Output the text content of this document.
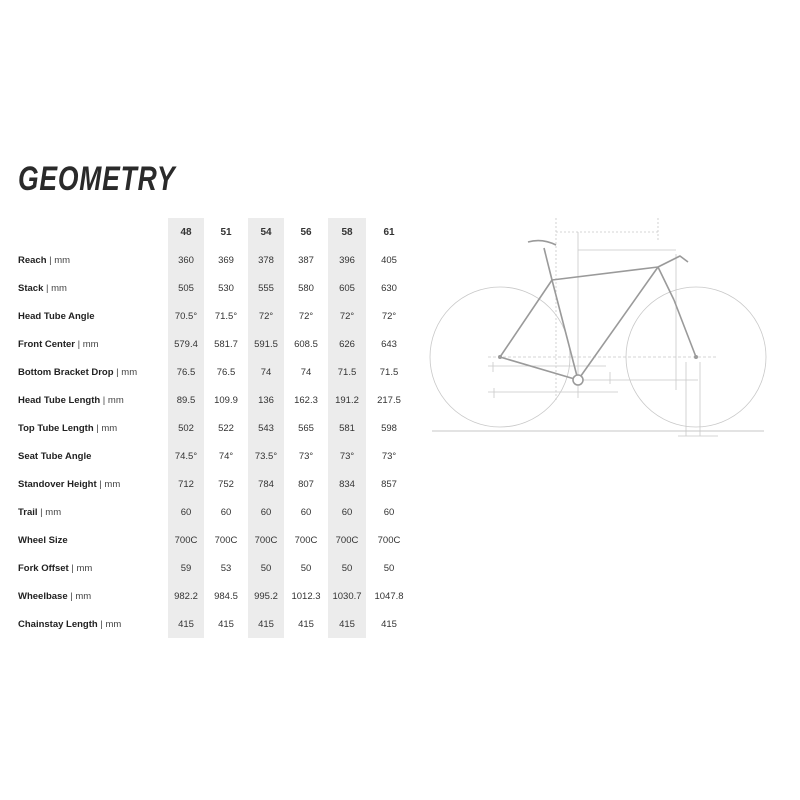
GEOMETRY
	48		51		54		56		58		61
Reach | mm	360		369		378		387		396		405
Stack | mm	505		530		555		580		605		630
Head Tube Angle	70.5°		71.5°		72°		72°		72°		72°
Front Center | mm	579.4		581.7		591.5		608.5		626		643
Bottom Bracket Drop | mm	76.5		76.5		74		74		71.5		71.5
Head Tube Length | mm	89.5		109.9		136		162.3		191.2		217.5
Top Tube Length | mm	502		522		543		565		581		598
Seat Tube Angle	74.5°		74°		73.5°		73°		73°		73°
Standover Height | mm	712		752		784		807		834		857
Trail | mm	60		60		60		60		60		60
Wheel Size	700C		700C		700C		700C		700C		700C
Fork Offset | mm	59		53		50		50		50		50
Wheelbase | mm	982.2		984.5		995.2		1012.3		1030.7		1047.8
Chainstay Length | mm	415		415		415		415		415		415
